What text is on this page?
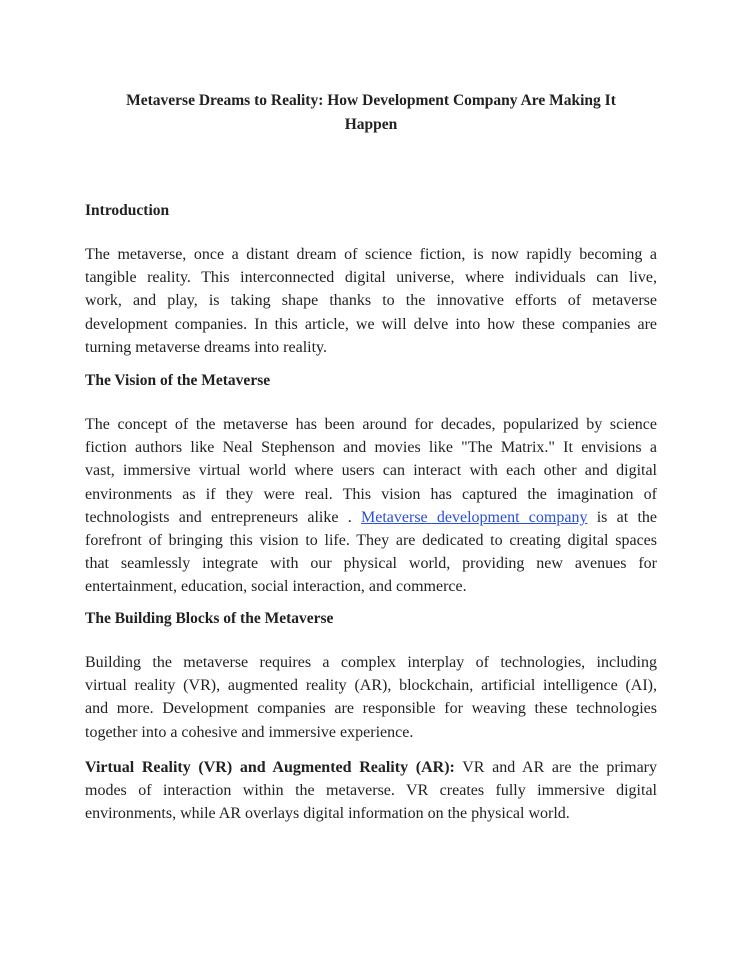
Metaverse Dreams to Reality: How Development Company Are Making It
Happen
Introduction
The metaverse, once a distant dream of science fiction, is now rapidly becoming a
tangible reality. This interconnected digital universe, where individuals can live,
work, and play, is taking shape thanks to the innovative efforts of metaverse
development companies. In this article, we will delve into how these companies are
turning metaverse dreams into reality.
The Vision of the Metaverse
The concept of the metaverse has been around for decades, popularized by science
fiction authors like Neal Stephenson and movies like "The Matrix." It envisions a
vast, immersive virtual world where users can interact with each other and digital
environments as if they were real. This vision has captured the imagination of
technologists and entrepreneurs alike . Metaverse development company is at the
forefront of bringing this vision to life. They are dedicated to creating digital spaces
that seamlessly integrate with our physical world, providing new avenues for
entertainment, education, social interaction, and commerce.
The Building Blocks of the Metaverse
Building the metaverse requires a complex interplay of technologies, including
virtual reality (VR), augmented reality (AR), blockchain, artificial intelligence (AI),
and more. Development companies are responsible for weaving these technologies
together into a cohesive and immersive experience.
Virtual Reality (VR) and Augmented Reality (AR): VR and AR are the primary
modes of interaction within the metaverse. VR creates fully immersive digital
environments, while AR overlays digital information on the physical world.
